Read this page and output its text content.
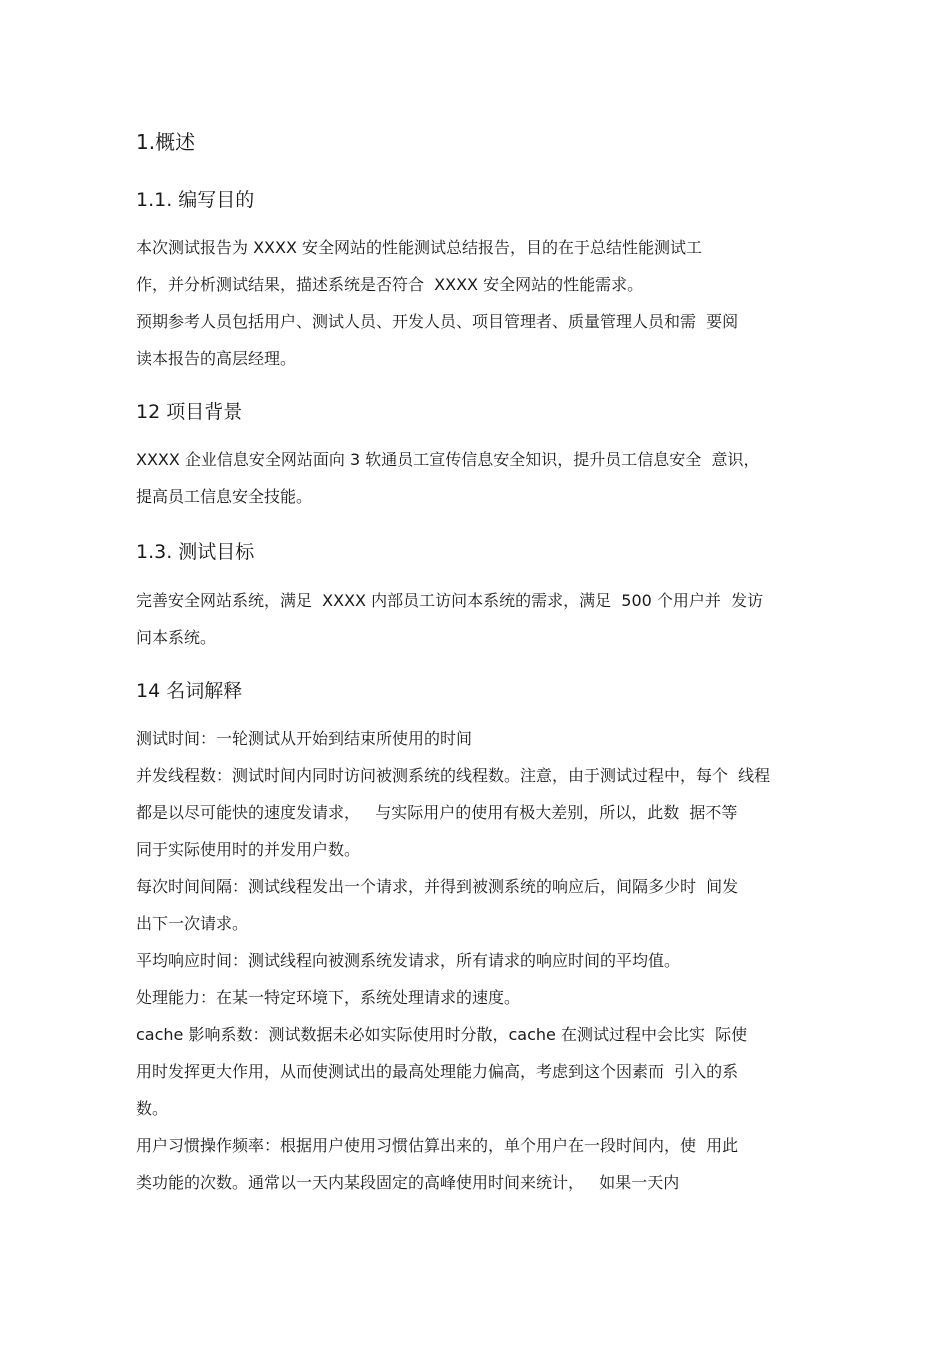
1.概述
1.1. 编写目的
本次测试报告为 XXXX 安全网站的性能测试总结报告，目的在于总结性能测试工
作，并分析测试结果，描述系统是否符合  XXXX 安全网站的性能需求。
预期参考人员包括用户、测试人员、开发人员、项目管理者、质量管理人员和需  要阅
读本报告的高层经理。
12 项目背景
XXXX 企业信息安全网站面向 3 软通员工宣传信息安全知识，提升员工信息安全  意识，
提高员工信息安全技能。
1.3. 测试目标
完善安全网站系统，满足  XXXX 内部员工访问本系统的需求，满足  500 个用户并  发访
问本系统。
14 名词解释
测试时间：一轮测试从开始到结束所使用的时间
并发线程数：测试时间内同时访问被测系统的线程数。注意，由于测试过程中，每个  线程
都是以尽可能快的速度发请求，   与实际用户的使用有极大差别，所以，此数  据不等
同于实际使用时的并发用户数。
每次时间间隔：测试线程发出一个请求，并得到被测系统的响应后，间隔多少时  间发
出下一次请求。
平均响应时间：测试线程向被测系统发请求，所有请求的响应时间的平均值。
处理能力：在某一特定环境下，系统处理请求的速度。
cache 影响系数：测试数据未必如实际使用时分散，cache 在测试过程中会比实  际使
用时发挥更大作用，从而使测试出的最高处理能力偏高，考虑到这个因素而  引入的系
数。
用户习惯操作频率：根据用户使用习惯估算出来的，单个用户在一段时间内，使  用此
类功能的次数。通常以一天内某段固定的高峰使用时间来统计，   如果一天内
